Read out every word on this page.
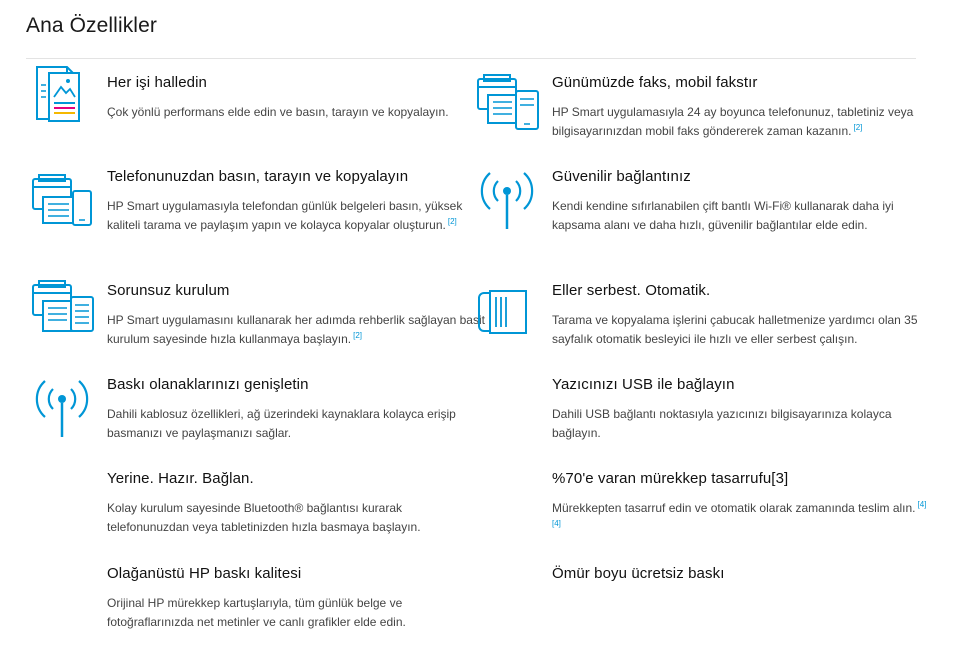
Ana Özellikler
Her işi halledin

Çok yönlü performans elde edin ve basın, tarayın ve kopyalayın.

Telefonunuzdan basın, tarayın ve kopyalayın

HP Smart uygulamasıyla telefondan günlük belgeleri basın, yüksek kaliteli tarama ve paylaşım yapın ve kolayca kopyalar oluşturun. [2]

Sorunsuz kurulum

HP Smart uygulamasını kullanarak her adımda rehberlik sağlayan basit kurulum sayesinde hızla kullanmaya başlayın. [2]

Baskı olanaklarınızı genişletin

Dahili kablosuz özellikleri, ağ üzerindeki kaynaklara kolayca erişip basmanızı ve paylaşmanızı sağlar.

Yerine. Hazır. Bağlan.

Kolay kurulum sayesinde Bluetooth® bağlantısı kurarak telefonunuzdan veya tabletinizden hızla basmaya başlayın.

Olağanüstü HP baskı kalitesi

Orijinal HP mürekkep kartuşlarıyla, tüm günlük belge ve fotoğraflarınızda net metinler ve canlı grafikler elde edin.

Günümüzde faks, mobil fakstır

HP Smart uygulamasıyla 24 ay boyunca telefonunuz, tabletiniz veya bilgisayarınızdan mobil faks göndererek zaman kazanın. [2]

Güvenilir bağlantınız

Kendi kendine sıfırlanabilen çift bantlı Wi-Fi® kullanarak daha iyi kapsama alanı ve daha hızlı, güvenilir bağlantılar elde edin.

Eller serbest. Otomatik.

Tarama ve kopyalama işlerini çabucak halletmenize yardımcı olan 35 sayfalık otomatik besleyici ile hızlı ve eller serbest çalışın.

Yazıcınızı USB ile bağlayın

Dahili USB bağlantı noktasıyla yazıcınızı bilgisayarınıza kolayca bağlayın.

%70'e varan mürekkep tasarrufu[3]

Mürekkepten tasarruf edin ve otomatik olarak zamanında teslim alın. [4] [4]

Ömür boyu ücretsiz baskı
